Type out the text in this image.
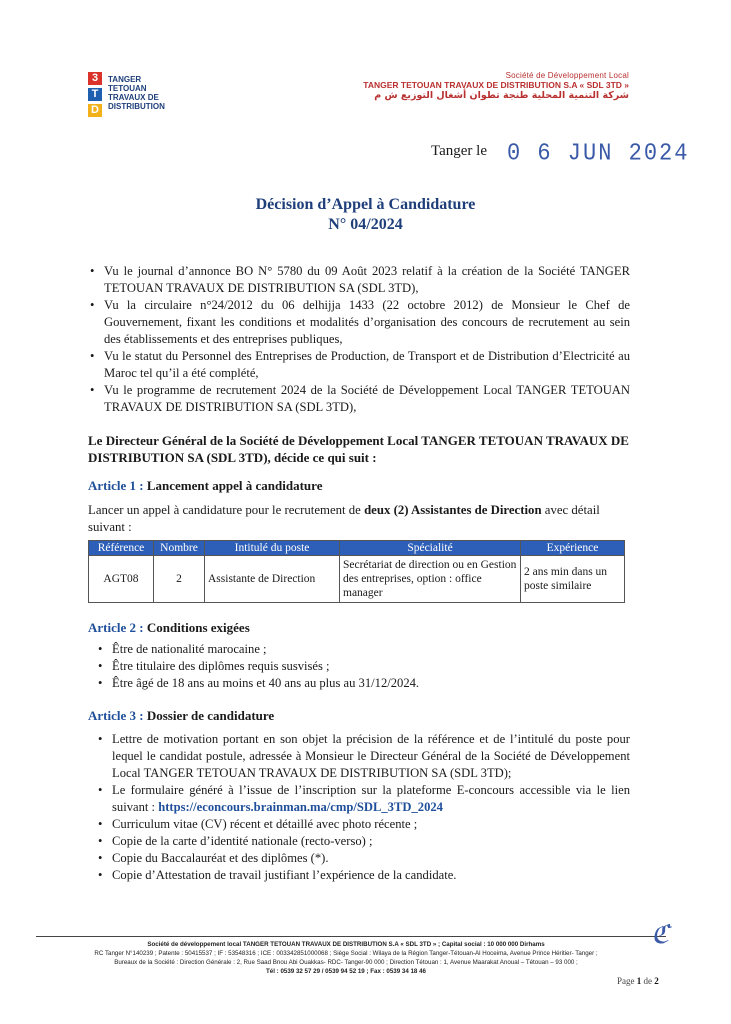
3
T
D
TANGER
TETOUAN
TRAVAUX DE
DISTRIBUTION
Société de Développement Local
TANGER TETOUAN TRAVAUX DE DISTRIBUTION S.A « SDL 3TD »
شركة التنمية المحلية طنجة تطوان أشغال التوزيع ش م
Tanger le 0 6 JUN 2024
Décision d’Appel à Candidature
N° 04/2024
• Vu le journal d’annonce BO N° 5780 du 09 Août 2023 relatif à la création de la Société TANGER TETOUAN TRAVAUX DE DISTRIBUTION SA (SDL 3TD),
• Vu la circulaire n°24/2012 du 06 delhijja 1433 (22 octobre 2012) de Monsieur le Chef de Gouvernement, fixant les conditions et modalités d’organisation des concours de recrutement au sein des établissements et des entreprises publiques,
• Vu le statut du Personnel des Entreprises de Production, de Transport et de Distribution d’Electricité au Maroc tel qu’il a été complété,
• Vu le programme de recrutement 2024 de la Société de Développement Local TANGER TETOUAN TRAVAUX DE DISTRIBUTION SA (SDL 3TD),
Le Directeur Général de la Société de Développement Local TANGER TETOUAN TRAVAUX DE DISTRIBUTION SA (SDL 3TD), décide ce qui suit :
Article 1 : Lancement appel à candidature
Lancer un appel à candidature pour le recrutement de deux (2) Assistantes de Direction avec détail suivant :
Référence	Nombre	Intitulé du poste	Spécialité	Expérience
AGT08	2	Assistante de Direction	Secrétariat de direction ou en Gestion des entreprises, option : office manager	2 ans min dans un poste similaire
Article 2 : Conditions exigées
• Être de nationalité marocaine ;
• Être titulaire des diplômes requis susvisés ;
• Être âgé de 18 ans au moins et 40 ans au plus au 31/12/2024.
Article 3 : Dossier de candidature
• Lettre de motivation portant en son objet la précision de la référence et de l’intitulé du poste pour lequel le candidat postule, adressée à Monsieur le Directeur Général de la Société de Développement Local TANGER TETOUAN TRAVAUX DE DISTRIBUTION SA (SDL 3TD);
• Le formulaire généré à l’issue de l’inscription sur la plateforme E-concours accessible via le lien suivant : https://econcours.brainman.ma/cmp/SDL_3TD_2024
• Curriculum vitae (CV) récent et détaillé avec photo récente ;
• Copie de la carte d’identité nationale (recto-verso) ;
• Copie du Baccalauréat et des diplômes (*).
• Copie d’Attestation de travail justifiant l’expérience de la candidate.
ℭ
Société de développement local TANGER TETOUAN TRAVAUX DE DISTRIBUTION S.A « SDL 3TD » ; Capital social : 10 000 000 Dirhams
RC Tanger N°140239 ; Patente : 50415537 ; IF : 53548316 ; ICE : 003342851000068 ; Siège Social : Wilaya de la Région Tanger-Tétouan-Al Hoceima, Avenue Prince Héritier- Tanger ;
Bureaux de la Société : Direction Générale : 2, Rue Saad Bnou Abi Ouakkas- RDC- Tanger-90 000 ; Direction Tétouan : 1, Avenue Maarakat Anoual – Tétouan – 93 000 ;
Tél : 0539 32 57 29 / 0539 94 52 19 ; Fax : 0539 34 18 46
Page 1 de 2
